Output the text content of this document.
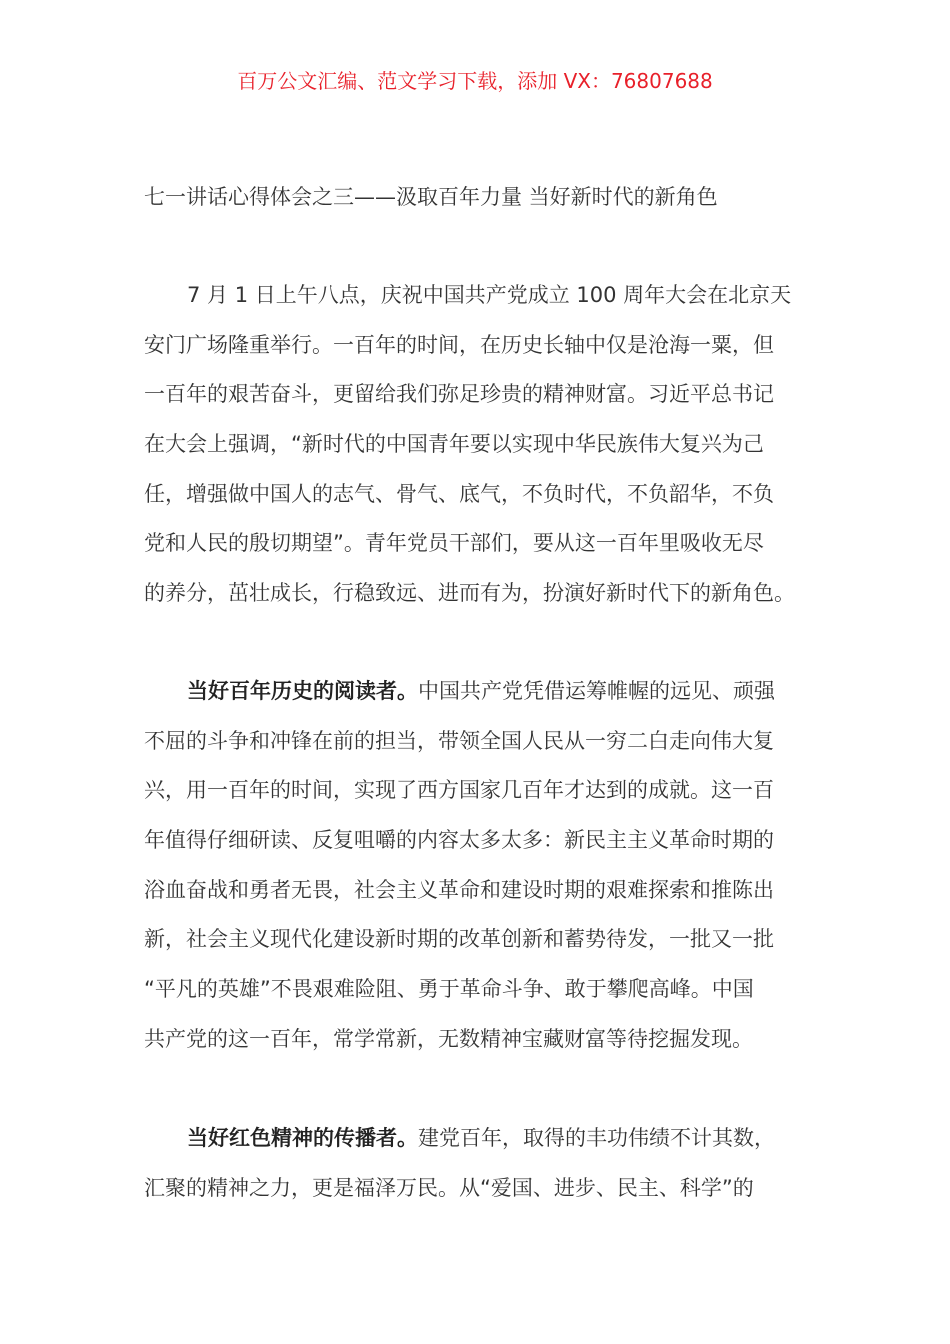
百万公文汇编、范文学习下载，添加 VX：76807688
七一讲话心得体会之三——汲取百年力量 当好新时代的新角色
7 月 1 日上午八点，庆祝中国共产党成立 100 周年大会在北京天
安门广场隆重举行。一百年的时间，在历史长轴中仅是沧海一粟，但
一百年的艰苦奋斗，更留给我们弥足珍贵的精神财富。习近平总书记
在大会上强调，“新时代的中国青年要以实现中华民族伟大复兴为己
任，增强做中国人的志气、骨气、底气，不负时代，不负韶华，不负
党和人民的殷切期望”。青年党员干部们，要从这一百年里吸收无尽
的养分，茁壮成长，行稳致远、进而有为，扮演好新时代下的新角色。
当好百年历史的阅读者。中国共产党凭借运筹帷幄的远见、顽强
不屈的斗争和冲锋在前的担当，带领全国人民从一穷二白走向伟大复
兴，用一百年的时间，实现了西方国家几百年才达到的成就。这一百
年值得仔细研读、反复咀嚼的内容太多太多：新民主主义革命时期的
浴血奋战和勇者无畏，社会主义革命和建设时期的艰难探索和推陈出
新，社会主义现代化建设新时期的改革创新和蓄势待发，一批又一批
“平凡的英雄”不畏艰难险阻、勇于革命斗争、敢于攀爬高峰。中国
共产党的这一百年，常学常新，无数精神宝藏财富等待挖掘发现。
当好红色精神的传播者。建党百年，取得的丰功伟绩不计其数，
汇聚的精神之力，更是福泽万民。从“爱国、进步、民主、科学”的
